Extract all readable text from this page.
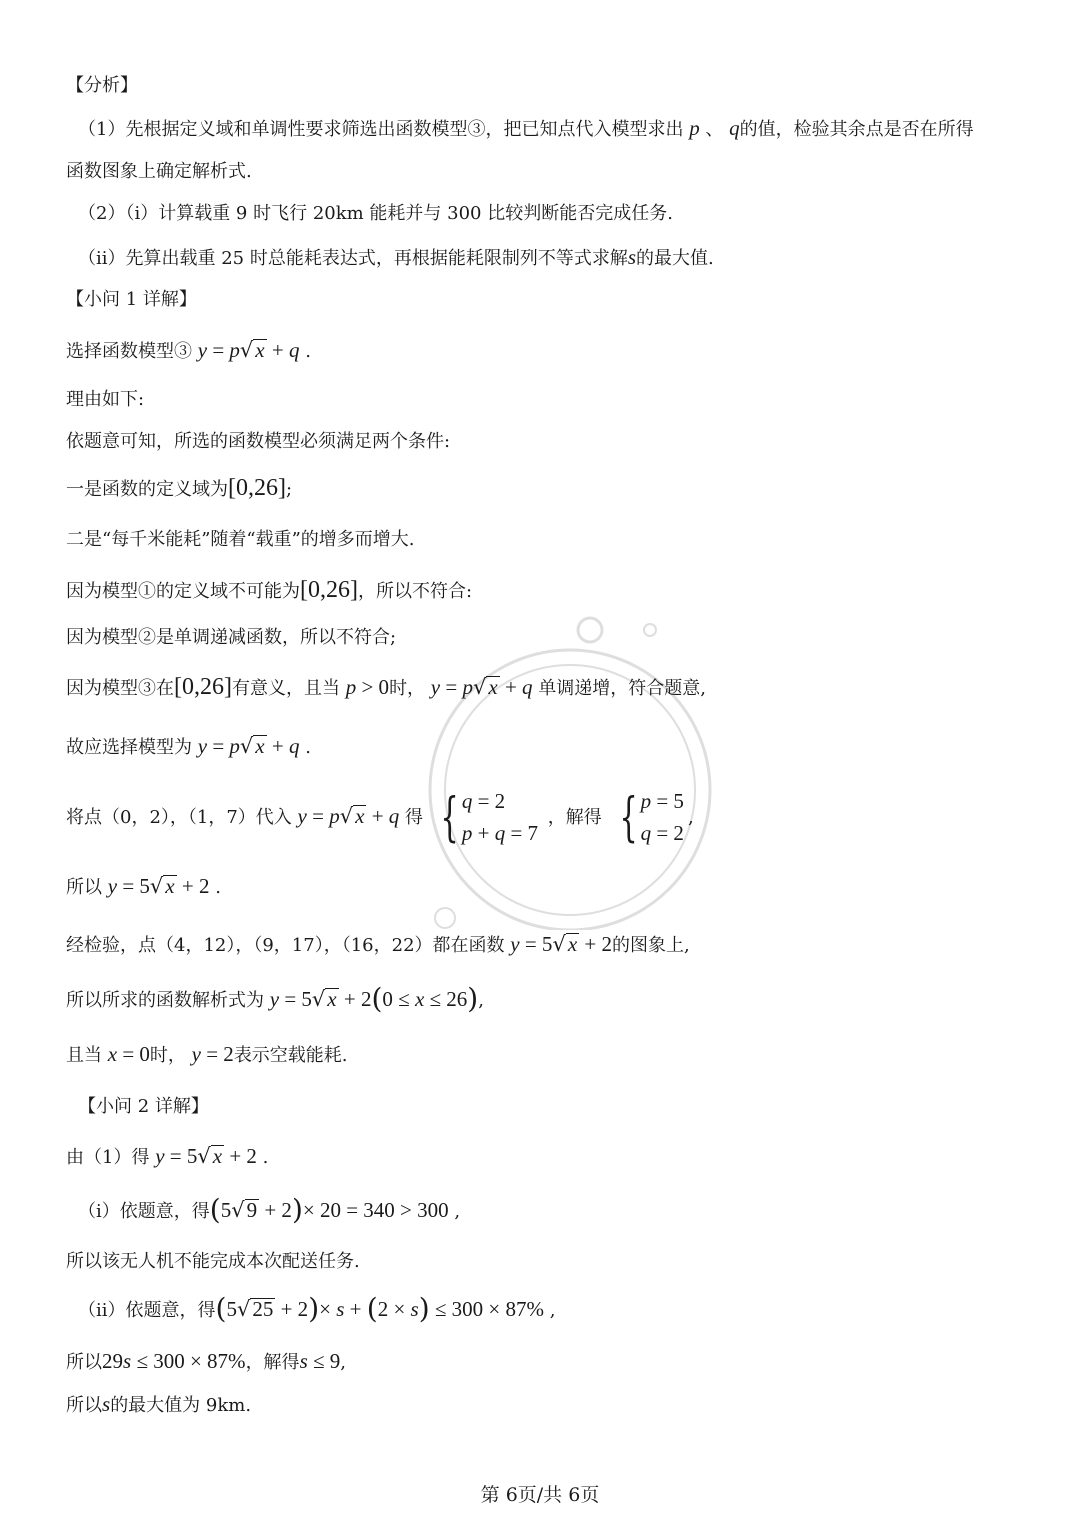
【分析】
（1）先根据定义域和单调性要求筛选出函数模型③，把已知点代入模型求出 p 、 q的值，检验其余点是否在所得
函数图象上确定解析式.
（2）（i）计算载重 9 时飞行 20km 能耗并与 300 比较判断能否完成任务.
（ii）先算出载重 25 时总能耗表达式，再根据能耗限制列不等式求解s的最大值.
【小问 1 详解】
选择函数模型③ y = p√x + q .
理由如下:
依题意可知，所选的函数模型必须满足两个条件:
一是函数的定义域为[0,26];
二是“每千米能耗”随着“载重”的增多而增大.
因为模型①的定义域不可能为[0,26]，所以不符合:
因为模型②是单调递减函数，所以不符合;
因为模型③在[0,26]有意义，且当 p > 0时， y = p√x + q 单调递增，符合题意,
故应选择模型为 y = p√x + q .
将点（0，2），（1，7）代入 y = p√x + q 得 { q = 2
p + q = 7
，解得 { p = 5
q = 2
,
所以 y = 5√x + 2 .
经检验，点（4，12），（9，17），（16，22）都在函数 y = 5√x + 2的图象上,
所以所求的函数解析式为 y = 5√x + 2(0 ≤ x ≤ 26),
且当 x = 0时， y = 2表示空载能耗.
【小问 2 详解】
由（1）得 y = 5√x + 2 .
（i）依题意，得(5√9 + 2)× 20 = 340 > 300 ,
所以该无人机不能完成本次配送任务.
（ii）依题意，得(5√25 + 2)× s + (2 × s) ≤ 300 × 87% ,
所以29s ≤ 300 × 87%，解得s ≤ 9,
所以s的最大值为 9km.
第 6页/共 6页
